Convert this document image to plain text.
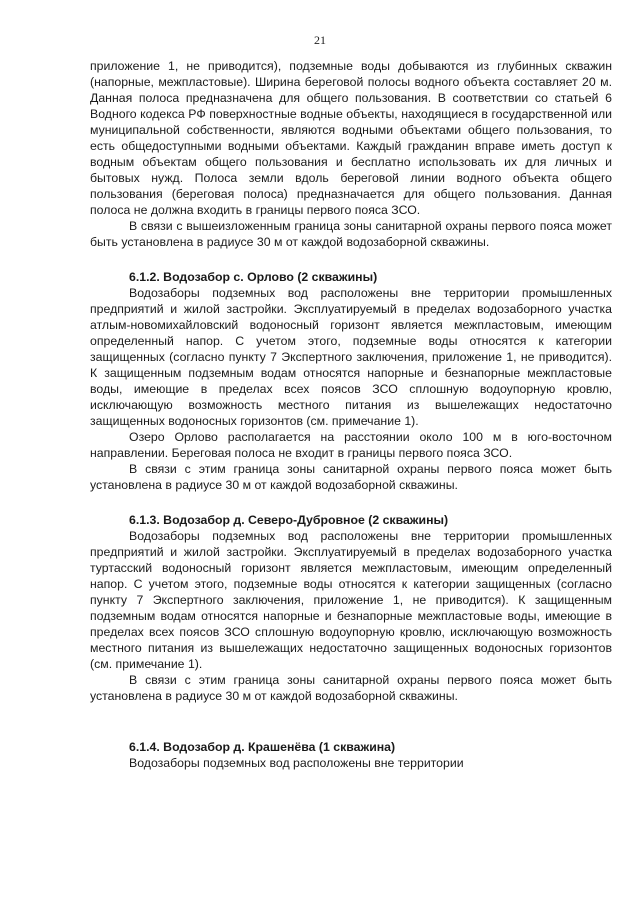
21

приложение 1, не приводится), подземные воды добываются из глубинных скважин (напорные, межпластовые). Ширина береговой полосы водного объекта составляет 20 м. Данная полоса предназначена для общего пользования. В соответствии со статьей 6 Водного кодекса РФ поверхностные водные объекты, находящиеся в государственной или муниципальной собственности, являются водными объектами общего пользования, то есть общедоступными водными объектами. Каждый гражданин вправе иметь доступ к водным объектам общего пользования и бесплатно использовать их для личных и бытовых нужд. Полоса земли вдоль береговой линии водного объекта общего пользования (береговая полоса) предназначается для общего пользования. Данная полоса не должна входить в границы первого пояса ЗСО.

В связи с вышеизложенным граница зоны санитарной охраны первого пояса может быть установлена в радиусе 30 м от каждой водозаборной скважины.

6.1.2. Водозабор с. Орлово (2 скважины)

Водозаборы подземных вод расположены вне территории промышленных предприятий и жилой застройки. Эксплуатируемый в пределах водозаборного участка атлым-новомихайловский водоносный горизонт является межпластовым, имеющим определенный напор. С учетом этого, подземные воды относятся к категории защищенных (согласно пункту 7 Экспертного заключения, приложение 1, не приводится). К защищенным подземным водам относятся напорные и безнапорные межпластовые воды, имеющие в пределах всех поясов ЗСО сплошную водоупорную кровлю, исключающую возможность местного питания из вышележащих недостаточно защищенных водоносных горизонтов (см. примечание 1).

Озеро Орлово располагается на расстоянии около 100 м в юго-восточном направлении. Береговая полоса не входит в границы первого пояса ЗСО.

В связи с этим граница зоны санитарной охраны первого пояса может быть установлена в радиусе 30 м от каждой водозаборной скважины.

6.1.3. Водозабор д. Северо-Дубровное (2 скважины)

Водозаборы подземных вод расположены вне территории промышленных предприятий и жилой застройки. Эксплуатируемый в пределах водозаборного участка туртасский водоносный горизонт является межпластовым, имеющим определенный напор. С учетом этого, подземные воды относятся к категории защищенных (согласно пункту 7 Экспертного заключения, приложение 1, не приводится). К защищенным подземным водам относятся напорные и безнапорные межпластовые воды, имеющие в пределах всех поясов ЗСО сплошную водоупорную кровлю, исключающую возможность местного питания из вышележащих недостаточно защищенных водоносных горизонтов (см. примечание 1).

В связи с этим граница зоны санитарной охраны первого пояса может быть установлена в радиусе 30 м от каждой водозаборной скважины.

6.1.4. Водозабор д. Крашенёва (1 скважина)

Водозаборы подземных вод расположены вне территории
